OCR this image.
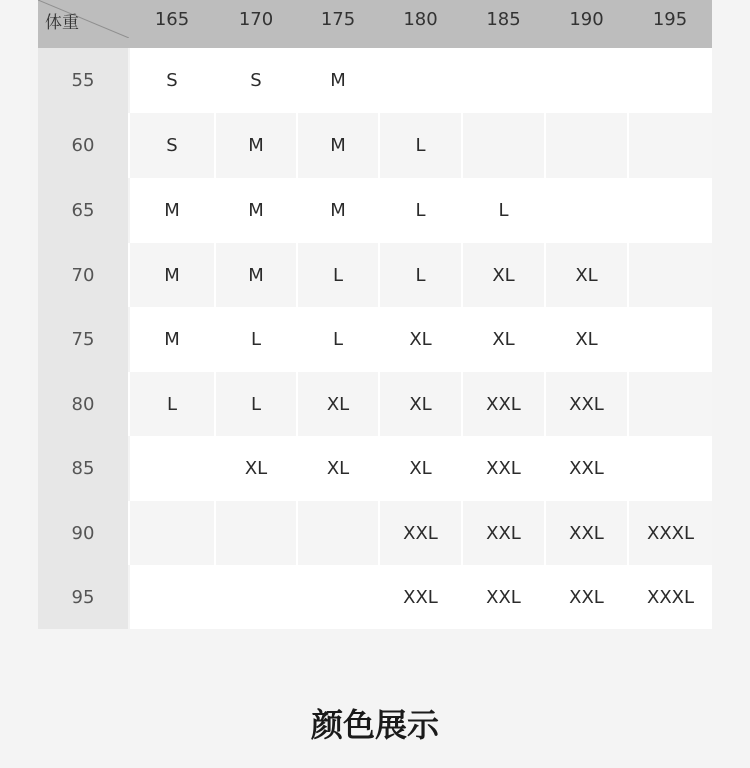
体重	165	170	175	180	185	190	195
55	S	S	M				
60	S	M	M	L			
65	M	M	M	L	L		
70	M	M	L	L	XL	XL	
75	M	L	L	XL	XL	XL	
80	L	L	XL	XL	XXL	XXL	
85		XL	XL	XL	XXL	XXL	
90				XXL	XXL	XXL	XXXL
95				XXL	XXL	XXL	XXXL
颜色展示
